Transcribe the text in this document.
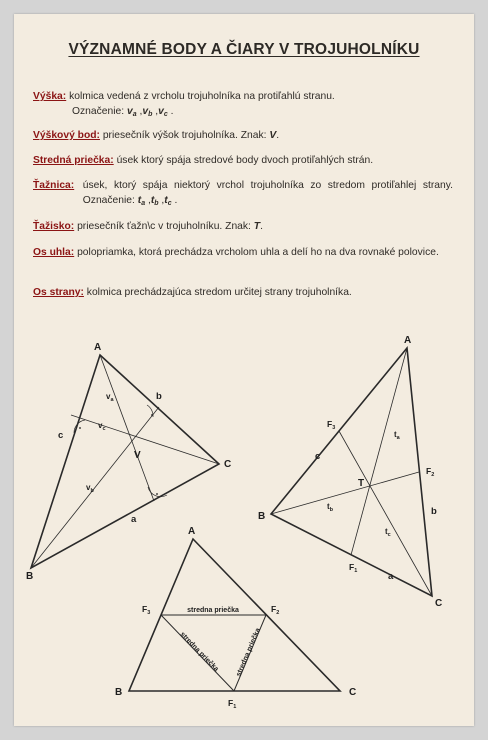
VÝZNAMNÉ BODY A ČIARY V TROJUHOLNÍKU
Výška: kolmica vedená z vrcholu trojuholníka na protiľahlú stranu.
Označenie: $v_a$ $,v_b$ $,v_c$ .
Výškový bod: priesečník výšok trojuholníka. Znak: V.
Stredná priečka: úsek ktorý spája stredové body dvoch protiľahlých strán.
Ťažnica:
úsek, ktorý spája niektorý vrchol trojuholníka zo stredom protiľahlej strany. Označenie: $t_a$ $,t_b$ $,t_c$ .
Ťažisko: priesečník ťažn\c v trojuholníku. Znak: T.
Os uhla:
polopriamka, ktorá prechádza vrcholom uhla a delí ho na dva rovnaké polovice.
Os strany: kolmica prechádzajúca stredom určitej strany trojuholníka.
A
B
C
V
a
b
c
$v_a$
$v_b$
$v_c$
A
B
C
T
a
b
c
$F_1$
$F_2$
$F_3$
$t_a$
$t_b$
$t_c$
A
B	C
$F_1$
$F_2$
$F_3$	stredna priečka
stredna priečka stredna priečka
